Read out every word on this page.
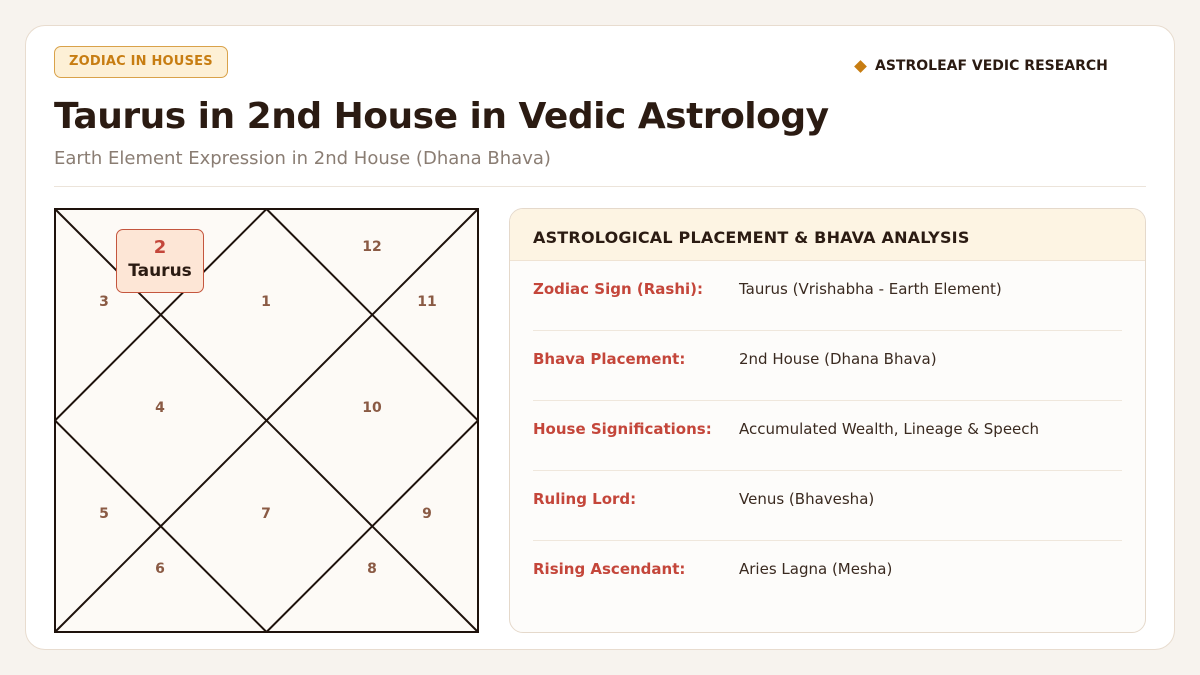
ZODIAC IN HOUSES	ASTROLEAF VEDIC RESEARCH
Taurus in 2nd House in Vedic Astrology
Earth Element Expression in 2nd House (Dhana Bhava)
1
3
4
5
6
7
8
9
10
11
12
2
Taurus
ASTROLOGICAL PLACEMENT & BHAVA ANALYSIS
Zodiac Sign (Rashi):	Taurus (Vrishabha - Earth Element)
Bhava Placement:	2nd House (Dhana Bhava)
House Significations:	Accumulated Wealth, Lineage & Speech
Ruling Lord:	Venus (Bhavesha)
Rising Ascendant:	Aries Lagna (Mesha)
